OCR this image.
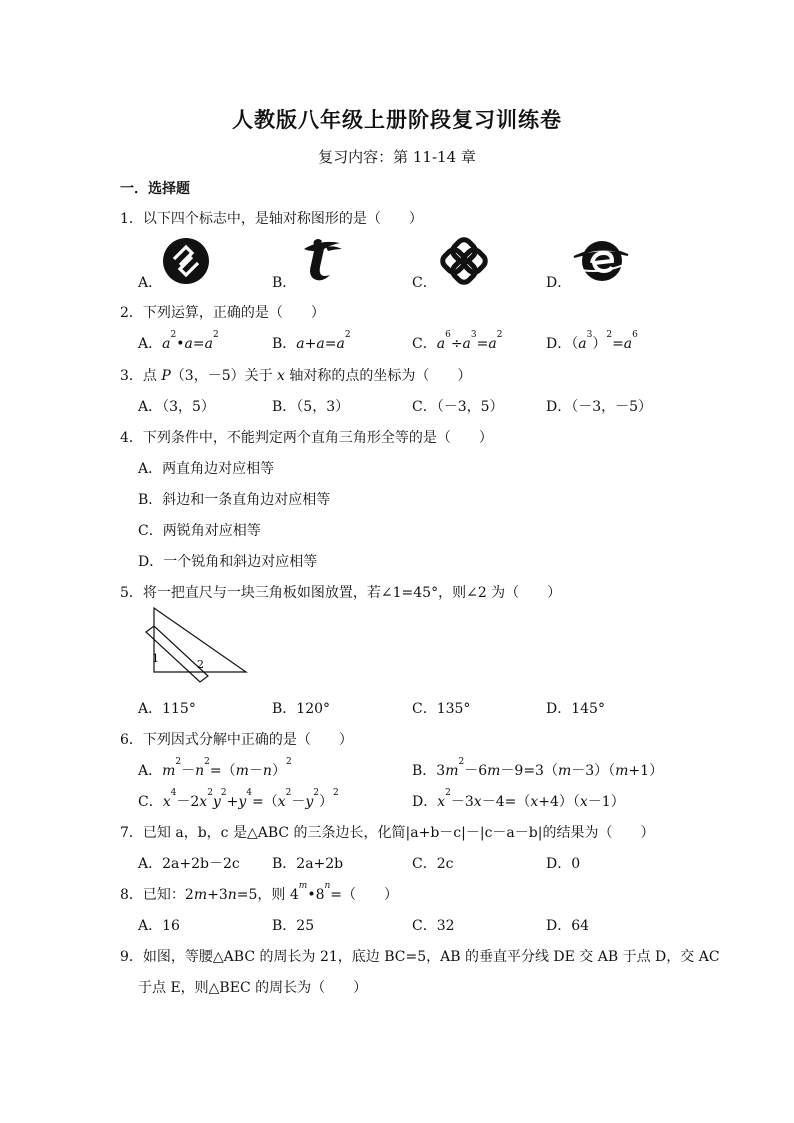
人教版八年级上册阶段复习训练卷
复习内容：第 11-14 章
一．选择题
1．以下四个标志中，是轴对称图形的是（　　）
A．	B．	C．	D．
2．下列运算，正确的是（　　）
A．$a^2•a=a^2$
B．$a+a=a^2$
C．$a^6\div a^3=a^2$
D．$(a^3)^2=a^6$
3．点 P（3，－5）关于 x 轴对称的点的坐标为（　　）
A．（3，5）	B．（5，3）	C．（－3，5）	D．（－3，－5）
4．下列条件中，不能判定两个直角三角形全等的是（　　）
A．两直角边对应相等
B．斜边和一条直角边对应相等
C．两锐角对应相等
D．一个锐角和斜边对应相等
5．将一把直尺与一块三角板如图放置，若∠1=45°，则∠2 为（　　）
1	2
A．115°	B．120°	C．135°	D．145°
6．下列因式分解中正确的是（　　）
A．$m^2-n^2=(m-n)^2$
B．$3m^2-6m-9=3(m-3)(m+1)$
C．$x^4-2x^2y^2+y^4=(x^2-y^2)^2$
D．$x^2-3x-4=(x+4)(x-1)$
7．已知 a，b，c 是△ABC 的三条边长，化简|a+b－c|－|c－a－b|的结果为（　　）
A．2a+2b－2c B．2a+2b	C．2c	D．0
8．已知：2m+3n=5，则 $4^m•8^n=$（　　）
A．16	B．25	C．32	D．64
9．如图，等腰△ABC 的周长为 21，底边 BC=5，AB 的垂直平分线 DE 交 AB 于点 D，交 AC
于点 E，则△BEC 的周长为（　　）
